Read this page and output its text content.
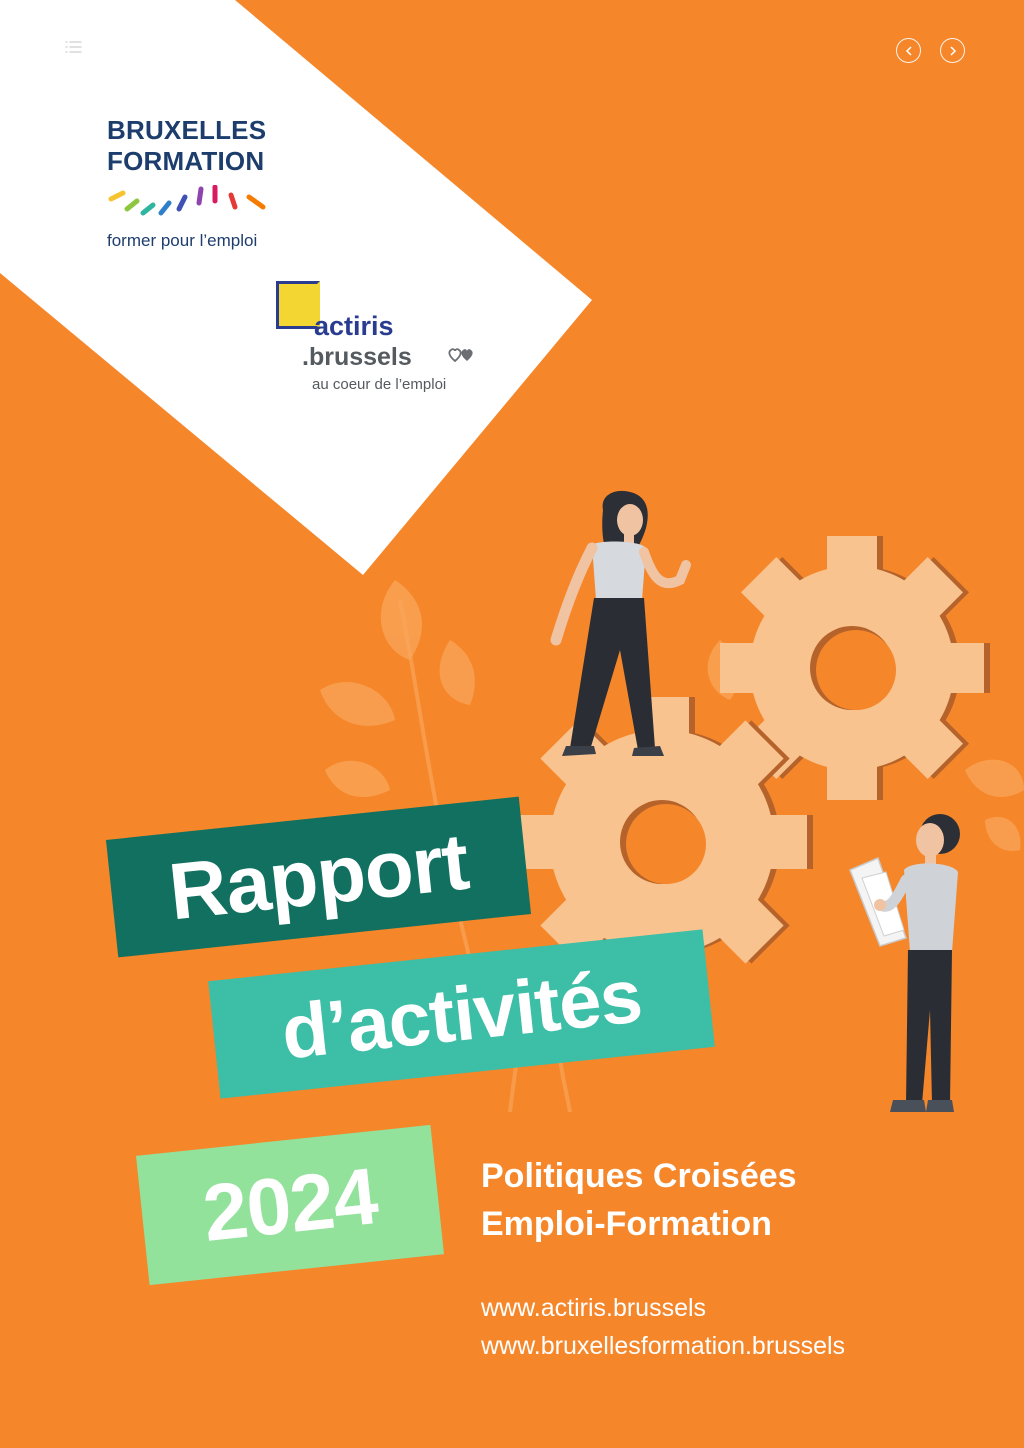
BRUXELLES
FORMATION
former pour l’emploi
actiris
.brussels
au coeur de l’emploi
Rapport
d’activités
2024	Politiques Croisées
Emploi-Formation
www.actiris.brussels
www.bruxellesformation.brussels
